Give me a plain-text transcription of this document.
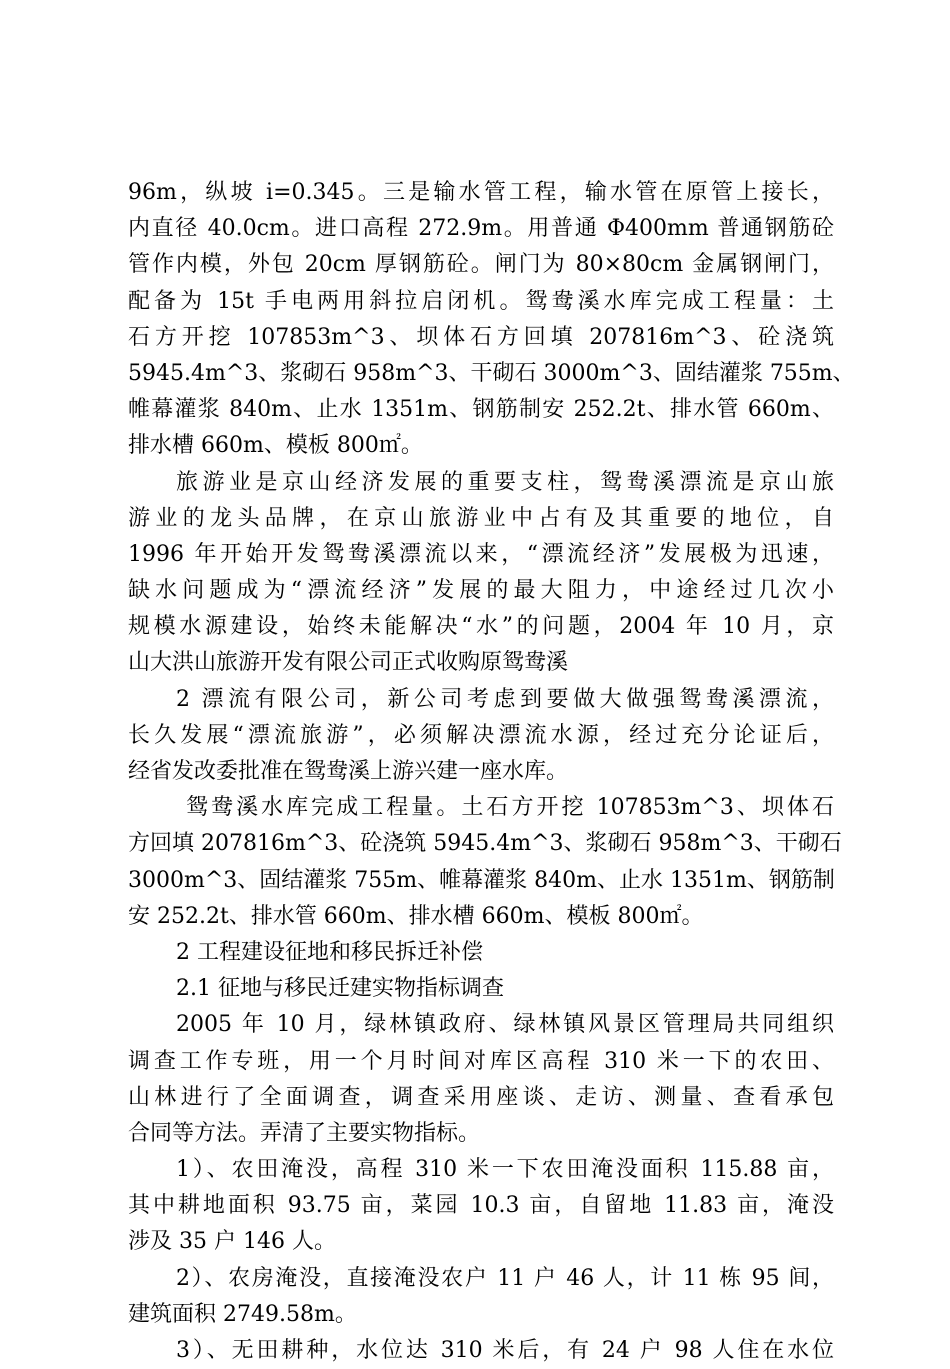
96m，纵坡 i=0.345。三是输水管工程，输水管在原管上接长，
内直径 40.0cm。进口高程 272.9m。用普通 Φ400mm 普通钢筋砼
管作内模，外包 20cm 厚钢筋砼。闸门为 80×80cm 金属钢闸门，
配备为 15t 手电两用斜拉启闭机。鸳鸯溪水库完成工程量：土
石方开挖 107853m^3、坝体石方回填 207816m^3、砼浇筑
5945.4m^3、浆砌石 958m^3、干砌石 3000m^3、固结灌浆 755m、
帷幕灌浆 840m、止水 1351m、钢筋制安 252.2t、排水管 660m、
排水槽 660m、模板 800㎡。
旅游业是京山经济发展的重要支柱，鸳鸯溪漂流是京山旅
游业的龙头品牌，在京山旅游业中占有及其重要的地位，自
1996 年开始开发鸳鸯溪漂流以来，“漂流经济”发展极为迅速，
缺水问题成为“漂流经济”发展的最大阻力，中途经过几次小
规模水源建设，始终未能解决“水”的问题，2004 年 10 月，京
山大洪山旅游开发有限公司正式收购原鸳鸯溪
2 漂流有限公司，新公司考虑到要做大做强鸳鸯溪漂流，
长久发展“漂流旅游”，必须解决漂流水源，经过充分论证后，
经省发改委批准在鸳鸯溪上游兴建一座水库。
鸳鸯溪水库完成工程量。土石方开挖 107853m^3、坝体石
方回填 207816m^3、砼浇筑 5945.4m^3、浆砌石 958m^3、干砌石
3000m^3、固结灌浆 755m、帷幕灌浆 840m、止水 1351m、钢筋制
安 252.2t、排水管 660m、排水槽 660m、模板 800㎡。
2 工程建设征地和移民拆迁补偿
2.1 征地与移民迁建实物指标调查
2005 年 10 月，绿林镇政府、绿林镇风景区管理局共同组织
调查工作专班，用一个月时间对库区高程 310 米一下的农田、
山林进行了全面调查，调查采用座谈、走访、测量、查看承包
合同等方法。弄清了主要实物指标。
1）、农田淹没，高程 310 米一下农田淹没面积 115.88 亩，
其中耕地面积 93.75 亩，菜园 10.3 亩，自留地 11.83 亩，淹没
涉及 35 户 146 人。
2）、农房淹没，直接淹没农户 11 户 46 人，计 11 栋 95 间，
建筑面积 2749.58m。
3）、无田耕种，水位达 310 米后，有 24 户 98 人住在水位
